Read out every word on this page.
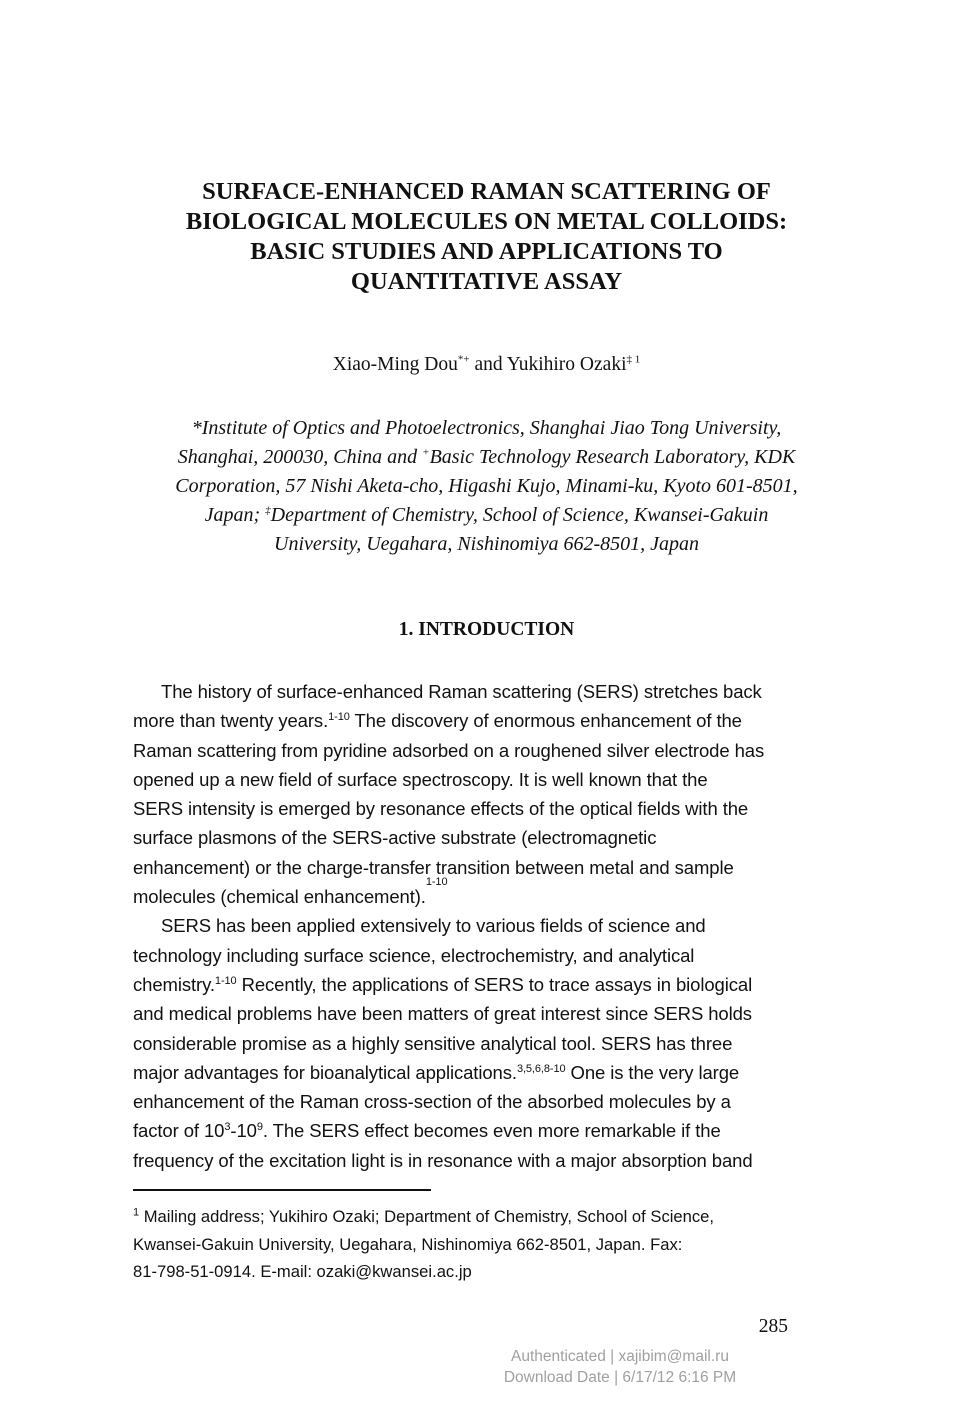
SURFACE-ENHANCED RAMAN SCATTERING OF
BIOLOGICAL MOLECULES ON METAL COLLOIDS:
BASIC STUDIES AND APPLICATIONS TO
QUANTITATIVE ASSAY
Xiao-Ming Dou*+ and Yukihiro Ozaki$^{\ddagger 1}$
*Institute of Optics and Photoelectronics, Shanghai Jiao Tong University,
Shanghai, 200030, China and +Basic Technology Research Laboratory, KDK
Corporation, 57 Nishi Aketa-cho, Higashi Kujo, Minami-ku, Kyoto 601-8501,
Japan; ‡Department of Chemistry, School of Science, Kwansei-Gakuin
University, Uegahara, Nishinomiya 662-8501, Japan
1. INTRODUCTION
The history of surface-enhanced Raman scattering (SERS) stretches back
more than twenty years.$^{1-10}$ The discovery of enormous enhancement of the
Raman scattering from pyridine adsorbed on a roughened silver electrode has
opened up a new field of surface spectroscopy. It is well known that the
SERS intensity is emerged by resonance effects of the optical fields with the
surface plasmons of the SERS-active substrate (electromagnetic
enhancement) or the charge-transfer transition between metal and sample
molecules (chemical enhancement).
1-10
SERS has been applied extensively to various fields of science and
technology including surface science, electrochemistry, and analytical
chemistry.$^{1-10}$ Recently, the applications of SERS to trace assays in biological
and medical problems have been matters of great interest since SERS holds
considerable promise as a highly sensitive analytical tool. SERS has three
major advantages for bioanalytical applications.$^{3,5,6,8-10}$ One is the very large
enhancement of the Raman cross-section of the absorbed molecules by a
factor of $10^3-10^9$. The SERS effect becomes even more remarkable if the
frequency of the excitation light is in resonance with a major absorption band
$^1$ Mailing address; Yukihiro Ozaki; Department of Chemistry, School of Science,
Kwansei-Gakuin University, Uegahara, Nishinomiya 662-8501, Japan. Fax:
81-798-51-0914. E-mail: ozaki@kwansei.ac.jp
285
Authenticated | xajibim@mail.ru
Download Date | 6/17/12 6:16 PM
